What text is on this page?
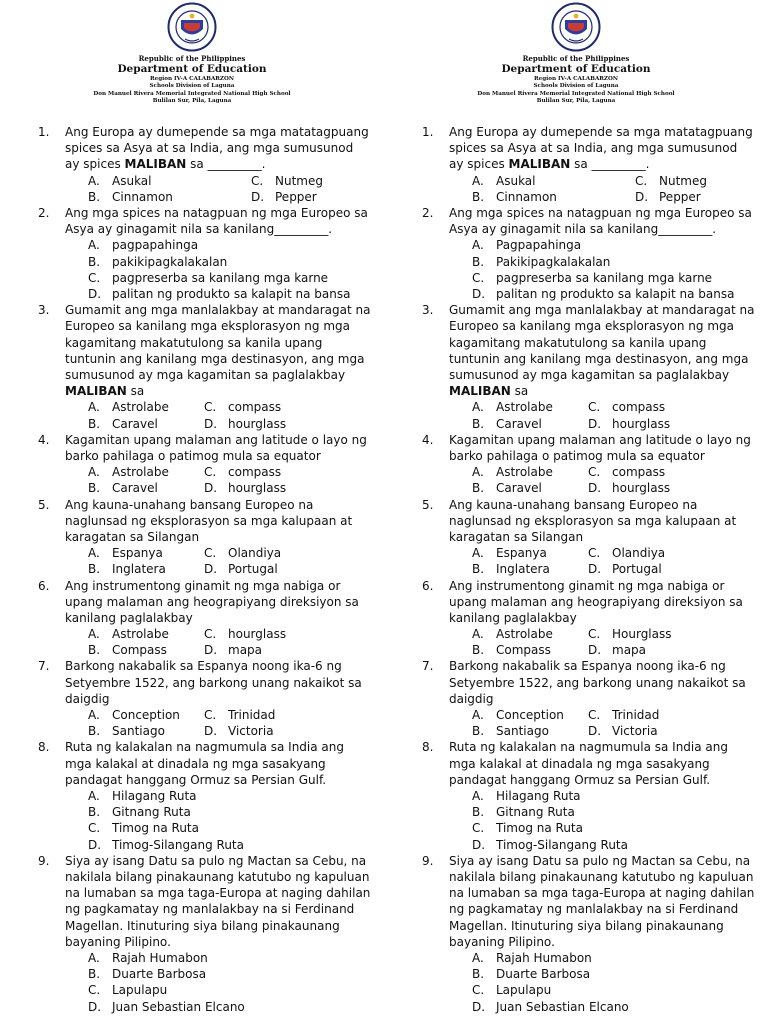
Republic of the Philippines
Department of Education
Region IV-A CALABARZON
Schools Division of Laguna
Don Manuel Rivera Memorial Integrated National High School
Bulilan Sur, Pila, Laguna
1.	Ang Europa ay dumepende sa mga matatagpuang spices sa Asya at sa India, ang mga sumusunod ay spices MALIBAN sa _________.
A. Asukal	C. Nutmeg
B. Cinnamon	D. Pepper
2.	Ang mga spices na natagpuan ng mga Europeo sa Asya ay ginagamit nila sa kanilang_________.
A. pagpapahinga
B. pakikipagkalakalan
C. pagpreserba sa kanilang mga karne
D. palitan ng produkto sa kalapit na bansa
3.	Gumamit ang mga manlalakbay at mandaragat na Europeo sa kanilang mga eksplorasyon ng mga kagamitang makatutulong sa kanila upang tuntunin ang kanilang mga destinasyon, ang mga sumusunod ay mga kagamitan sa paglalakbay MALIBAN sa
A. Astrolabe	C. compass
B. Caravel	D. hourglass
4.	Kagamitan upang malaman ang latitude o layo ng barko pahilaga o patimog mula sa equator
A. Astrolabe	C. compass
B. Caravel	D. hourglass
5.	Ang kauna-unahang bansang Europeo na naglunsad ng eksplorasyon sa mga kalupaan at karagatan sa Silangan
A. Espanya	C. Olandiya
B. Inglatera	D. Portugal
6.	Ang instrumentong ginamit ng mga nabiga or upang malaman ang heograpiyang direksiyon sa kanilang paglalakbay
A. Astrolabe	C. hourglass
B. Compass	D. mapa
7.	Barkong nakabalik sa Espanya noong ika-6 ng Setyembre 1522, ang barkong unang nakaikot sa daigdig
A. Conception C. Trinidad
B. Santiago	D. Victoria
8.	Ruta ng kalakalan na nagmumula sa India ang mga kalakal at dinadala ng mga sasakyang pandagat hanggang Ormuz sa Persian Gulf.
A. Hilagang Ruta
B. Gitnang Ruta
C. Timog na Ruta
D. Timog-Silangang Ruta
9.	Siya ay isang Datu sa pulo ng Mactan sa Cebu, na nakilala bilang pinakaunang katutubo ng kapuluan na lumaban sa mga taga-Europa at naging dahilan ng pagkamatay ng manlalakbay na si Ferdinand Magellan. Itinuturing siya bilang pinakaunang bayaning Pilipino.
A. Rajah Humabon
B. Duarte Barbosa
C. Lapulapu
D. Juan Sebastian Elcano
Republic of the Philippines
Department of Education
Region IV-A CALABARZON
Schools Division of Laguna
Don Manuel Rivera Memorial Integrated National High School
Bulilan Sur, Pila, Laguna
1.	Ang Europa ay dumepende sa mga matatagpuang spices sa Asya at sa India, ang mga sumusunod ay spices MALIBAN sa _________.
A. Asukal	C. Nutmeg
B. Cinnamon	D. Pepper
2.	Ang mga spices na natagpuan ng mga Europeo sa Asya ay ginagamit nila sa kanilang_________.
A. Pagpapahinga
B. Pakikipagkalakalan
C. pagpreserba sa kanilang mga karne
D. palitan ng produkto sa kalapit na bansa
3.	Gumamit ang mga manlalakbay at mandaragat na Europeo sa kanilang mga eksplorasyon ng mga kagamitang makatutulong sa kanila upang tuntunin ang kanilang mga destinasyon, ang mga sumusunod ay mga kagamitan sa paglalakbay MALIBAN sa
A. Astrolabe	C. compass
B. Caravel	D. hourglass
4.	Kagamitan upang malaman ang latitude o layo ng barko pahilaga o patimog mula sa equator
A. Astrolabe	C. compass
B. Caravel	D. hourglass
5.	Ang kauna-unahang bansang Europeo na naglunsad ng eksplorasyon sa mga kalupaan at karagatan sa Silangan
A. Espanya	C. Olandiya
B. Inglatera	D. Portugal
6.	Ang instrumentong ginamit ng mga nabiga or upang malaman ang heograpiyang direksiyon sa kanilang paglalakbay
A. Astrolabe	C. Hourglass
B. Compass	D. mapa
7.	Barkong nakabalik sa Espanya noong ika-6 ng Setyembre 1522, ang barkong unang nakaikot sa daigdig
A. Conception C. Trinidad
B. Santiago	D. Victoria
8.	Ruta ng kalakalan na nagmumula sa India ang mga kalakal at dinadala ng mga sasakyang pandagat hanggang Ormuz sa Persian Gulf.
A. Hilagang Ruta
B. Gitnang Ruta
C. Timog na Ruta
D. Timog-Silangang Ruta
9.	Siya ay isang Datu sa pulo ng Mactan sa Cebu, na nakilala bilang pinakaunang katutubo ng kapuluan na lumaban sa mga taga-Europa at naging dahilan ng pagkamatay ng manlalakbay na si Ferdinand Magellan. Itinuturing siya bilang pinakaunang bayaning Pilipino.
A. Rajah Humabon
B. Duarte Barbosa
C. Lapulapu
D. Juan Sebastian Elcano
